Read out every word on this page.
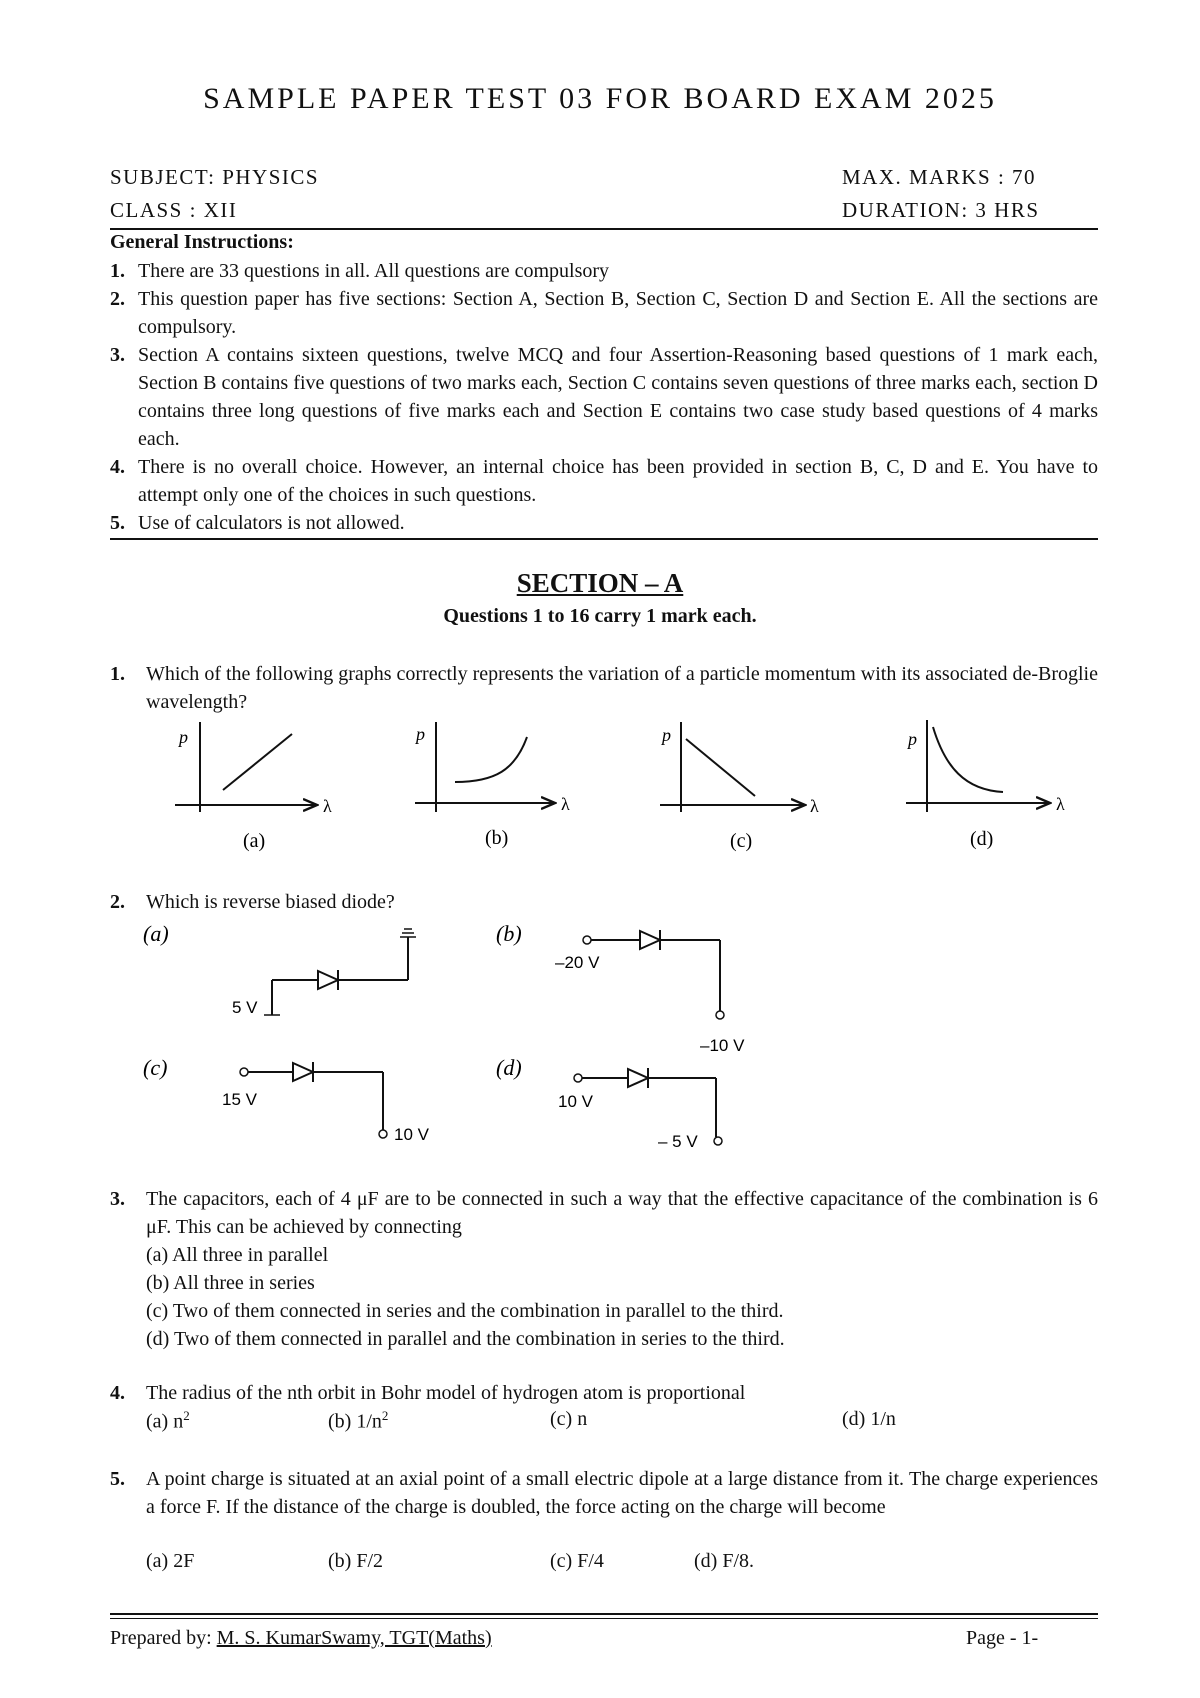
SAMPLE PAPER TEST 03 FOR BOARD EXAM 2025
SUBJECT: PHYSICS	MAX. MARKS : 70
CLASS : XII	DURATION: 3 HRS
General Instructions:
1. There are 33 questions in all. All questions are compulsory
2. This question paper has five sections: Section A, Section B, Section C, Section D and Section E. All the sections are compulsory.
3. Section A contains sixteen questions, twelve MCQ and four Assertion-Reasoning based questions of 1 mark each, Section B contains five questions of two marks each, Section C contains seven questions of three marks each, section D contains three long questions of five marks each and Section E contains two case study based questions of 4 marks each.
4. There is no overall choice. However, an internal choice has been provided in section B, C, D and E. You have to attempt only one of the choices in such questions.
5. Use of calculators is not allowed.
SECTION – A
Questions 1 to 16 carry 1 mark each.
1. Which of the following graphs correctly represents the variation of a particle momentum with its associated de-Broglie wavelength?
p
λ
(a)
p
λ
(b)
p
λ
(c)
p
λ
(d)
2. Which is reverse biased diode?
(a)
5 V
(b)
–20 V
–10 V
(c)
15 V
10 V
(d)
10 V
– 5 V
3. The capacitors, each of 4 μF are to be connected in such a way that the effective capacitance of the combination is 6 μF. This can be achieved by connecting
(a) All three in parallel
(b) All three in series
(c) Two of them connected in series and the combination in parallel to the third.
(d) Two of them connected in parallel and the combination in series to the third.
4. The radius of the nth orbit in Bohr model of hydrogen atom is proportional
(a) $n^2$	(b) $1/n^2$	(c) n	(d) 1/n
5. A point charge is situated at an axial point of a small electric dipole at a large distance from it. The charge experiences a force F. If the distance of the charge is doubled, the force acting on the charge will become
(a) 2F	(b) F/2	(c) F/4	(d) F/8.
Prepared by: M. S. KumarSwamy, TGT(Maths)	Page - 1-
